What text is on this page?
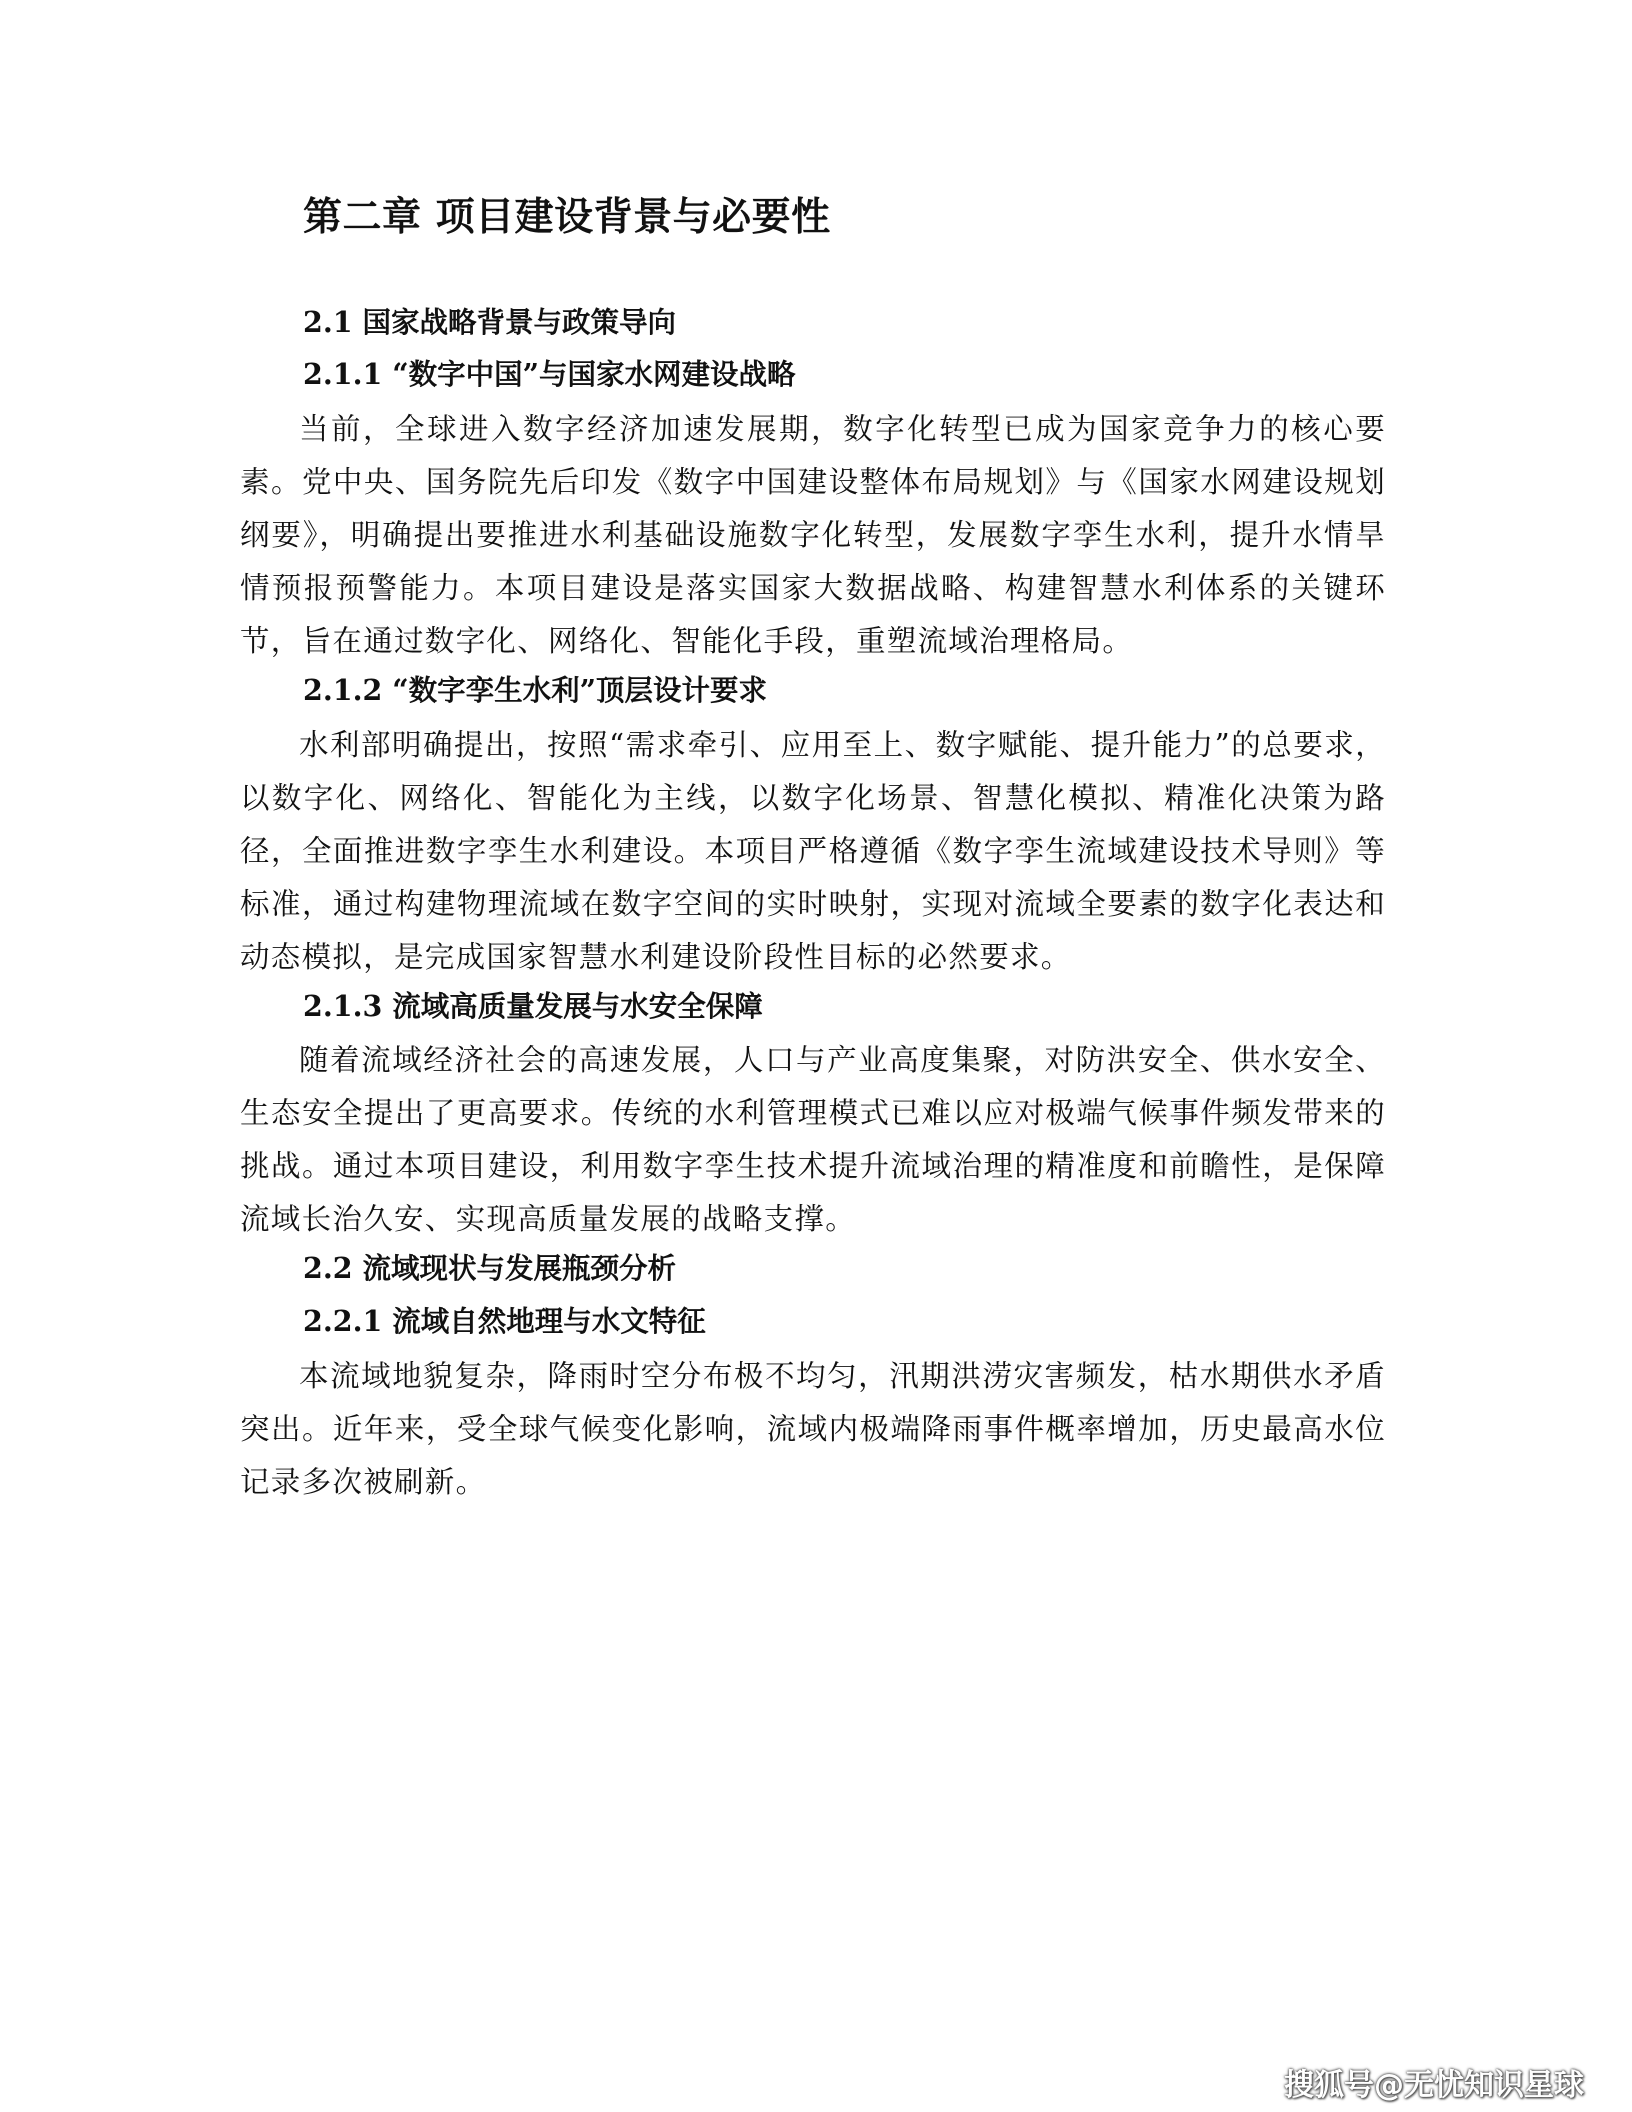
第二章 项目建设背景与必要性
2.1 国家战略背景与政策导向
2.1.1 “数字中国”与国家水网建设战略

当前，全球进入数字经济加速发展期，数字化转型已成为国家竞争力的核心要素。党中央、国务院先后印发《数字中国建设整体布局规划》与《国家水网建设规划纲要》，明确提出要推进水利基础设施数字化转型，发展数字孪生水利，提升水情旱情预报预警能力。本项目建设是落实国家大数据战略、构建智慧水利体系的关键环节，旨在通过数字化、网络化、智能化手段，重塑流域治理格局。

2.1.2 “数字孪生水利”顶层设计要求

水利部明确提出，按照“需求牵引、应用至上、数字赋能、提升能力”的总要求，以数字化、网络化、智能化为主线，以数字化场景、智慧化模拟、精准化决策为路径，全面推进数字孪生水利建设。本项目严格遵循《数字孪生流域建设技术导则》等标准，通过构建物理流域在数字空间的实时映射，实现对流域全要素的数字化表达和动态模拟，是完成国家智慧水利建设阶段性目标的必然要求。

2.1.3 流域高质量发展与水安全保障

随着流域经济社会的高速发展，人口与产业高度集聚，对防洪安全、供水安全、生态安全提出了更高要求。传统的水利管理模式已难以应对极端气候事件频发带来的挑战。通过本项目建设，利用数字孪生技术提升流域治理的精准度和前瞻性，是保障流域长治久安、实现高质量发展的战略支撑。

2.2 流域现状与发展瓶颈分析
2.2.1 流域自然地理与水文特征

本流域地貌复杂，降雨时空分布极不均匀，汛期洪涝灾害频发，枯水期供水矛盾突出。近年来，受全球气候变化影响，流域内极端降雨事件概率增加，历史最高水位记录多次被刷新。

搜狐号@无忧知识星球
